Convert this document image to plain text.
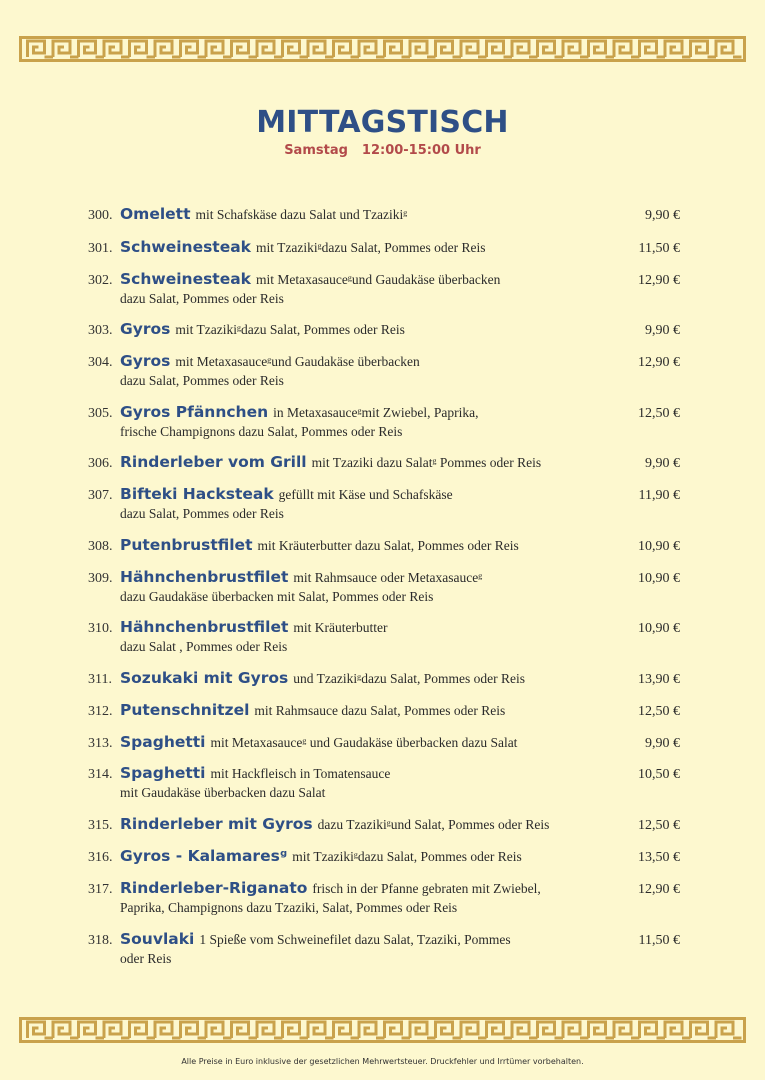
MITTAGSTISCH
Samstag 12:00-15:00 Uhr
300. Omelett mit Schafskäse dazu Salat und Tzazikiᵍ	9,90 €
301. Schweinesteak mit Tzazikiᵍdazu Salat, Pommes oder Reis	11,50 €
302. Schweinesteak mit Metaxasauceᵍund Gaudakäse überbacken	12,90 €
dazu Salat, Pommes oder Reis
303. Gyros mit Tzazikiᵍdazu Salat, Pommes oder Reis	9,90 €
304. Gyros mit Metaxasauceᵍund Gaudakäse überbacken	12,90 €
dazu Salat, Pommes oder Reis
305. Gyros Pfännchen in Metaxasauceᵍmit Zwiebel, Paprika,	12,50 €
frische Champignons dazu Salat, Pommes oder Reis
306. Rinderleber vom Grill mit Tzaziki dazu Salatᵍ Pommes oder Reis	9,90 €
307. Bifteki Hacksteak gefüllt mit Käse und Schafskäse	11,90 €
dazu Salat, Pommes oder Reis
308. Putenbrustfilet mit Kräuterbutter dazu Salat, Pommes oder Reis	10,90 €
309. Hähnchenbrustfilet mit Rahmsauce oder Metaxasauceᵍ	10,90 €
dazu Gaudakäse überbacken mit Salat, Pommes oder Reis
310. Hähnchenbrustfilet mit Kräuterbutter	10,90 €
dazu Salat , Pommes oder Reis
311. Sozukaki mit Gyros und Tzazikiᵍdazu Salat, Pommes oder Reis	13,90 €
312. Putenschnitzel mit Rahmsauce dazu Salat, Pommes oder Reis	12,50 €
313. Spaghetti mit Metaxasauceᵍ und Gaudakäse überbacken dazu Salat	9,90 €
314. Spaghetti mit Hackfleisch in Tomatensauce	10,50 €
mit Gaudakäse überbacken dazu Salat
315. Rinderleber mit Gyros dazu Tzazikiᵍund Salat, Pommes oder Reis	12,50 €
316. Gyros - Kalamaresᵍ mit Tzazikiᵍdazu Salat, Pommes oder Reis	13,50 €
317. Rinderleber-Riganato frisch in der Pfanne gebraten mit Zwiebel,	12,90 €
Paprika, Champignons dazu Tzaziki, Salat, Pommes oder Reis
318. Souvlaki 1 Spieße vom Schweinefilet dazu Salat, Tzaziki, Pommes	11,50 €
oder Reis
Alle Preise in Euro inklusive der gesetzlichen Mehrwertsteuer. Druckfehler und Irrtümer vorbehalten.
